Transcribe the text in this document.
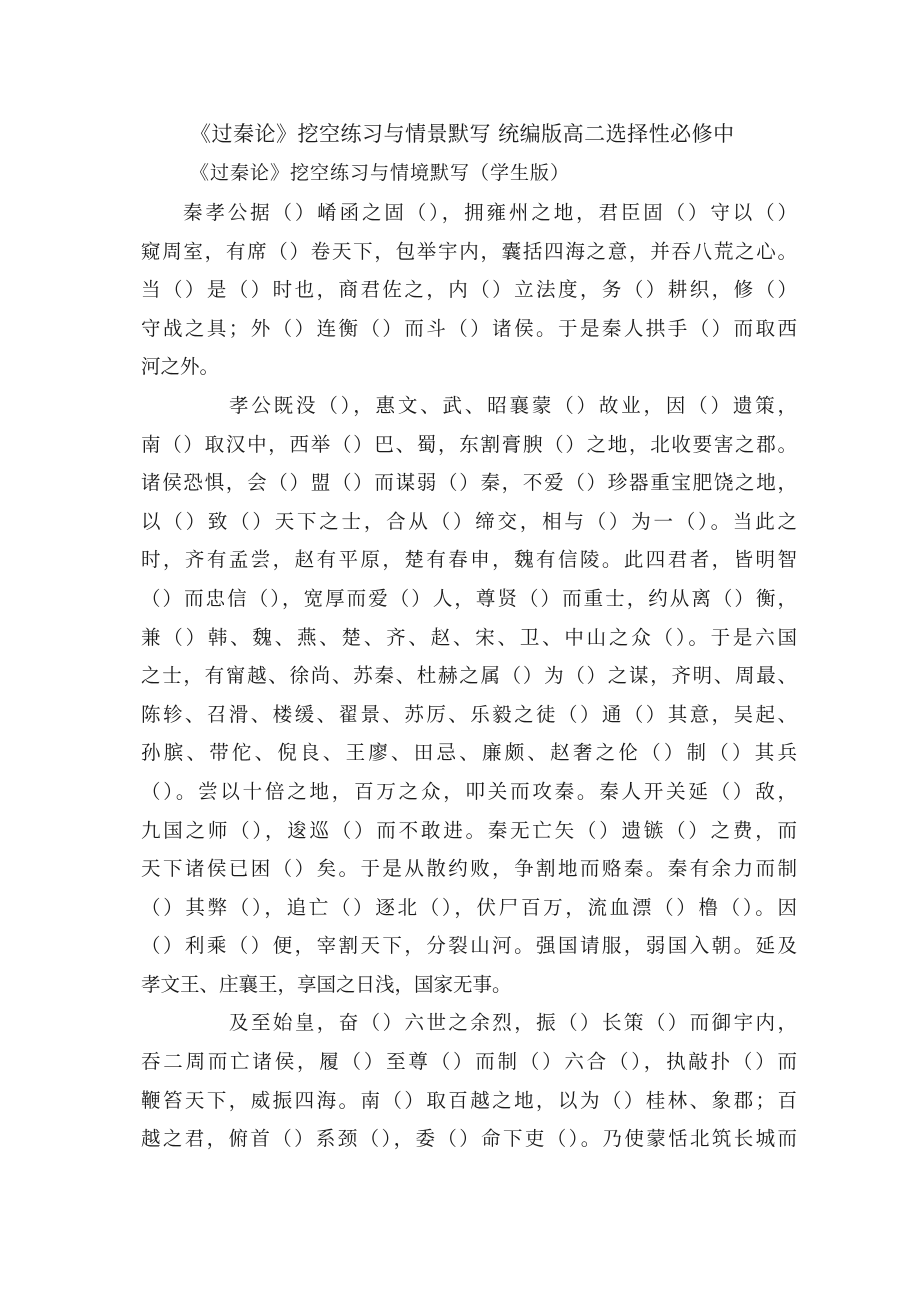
《过秦论》挖空练习与情景默写 统编版高二选择性必修中
《过秦论》挖空练习与情境默写（学生版）
秦孝公据（）崤函之固（），拥雍州之地，君臣固（）守以（）
窥周室，有席（）卷天下，包举宇内，囊括四海之意，并吞八荒之心。
当（）是（）时也，商君佐之，内（）立法度，务（）耕织，修（）
守战之具；外（）连衡（）而斗（）诸侯。于是秦人拱手（）而取西
河之外。
孝公既没（），惠文、武、昭襄蒙（）故业，因（）遗策，
南（）取汉中，西举（）巴、蜀，东割膏腴（）之地，北收要害之郡。
诸侯恐惧，会（）盟（）而谋弱（）秦，不爱（）珍器重宝肥饶之地，
以（）致（）天下之士，合从（）缔交，相与（）为一（）。当此之
时，齐有孟尝，赵有平原，楚有春申，魏有信陵。此四君者，皆明智
（）而忠信（），宽厚而爱（）人，尊贤（）而重士，约从离（）衡，
兼（）韩、魏、燕、楚、齐、赵、宋、卫、中山之众（）。于是六国
之士，有甯越、徐尚、苏秦、杜赫之属（）为（）之谋，齐明、周最、
陈轸、召滑、楼缓、翟景、苏厉、乐毅之徒（）通（）其意，吴起、
孙膑、带佗、倪良、王廖、田忌、廉颇、赵奢之伦（）制（）其兵
（）。尝以十倍之地，百万之众，叩关而攻秦。秦人开关延（）敌，
九国之师（），逡巡（）而不敢进。秦无亡矢（）遗镞（）之费，而
天下诸侯已困（）矣。于是从散约败，争割地而赂秦。秦有余力而制
（）其弊（），追亡（）逐北（），伏尸百万，流血漂（）橹（）。因
（）利乘（）便，宰割天下，分裂山河。强国请服，弱国入朝。延及
孝文王、庄襄王，享国之日浅，国家无事。
及至始皇，奋（）六世之余烈，振（）长策（）而御宇内，
吞二周而亡诸侯，履（）至尊（）而制（）六合（），执敲扑（）而
鞭笞天下，威振四海。南（）取百越之地，以为（）桂林、象郡；百
越之君，俯首（）系颈（），委（）命下吏（）。乃使蒙恬北筑长城而
